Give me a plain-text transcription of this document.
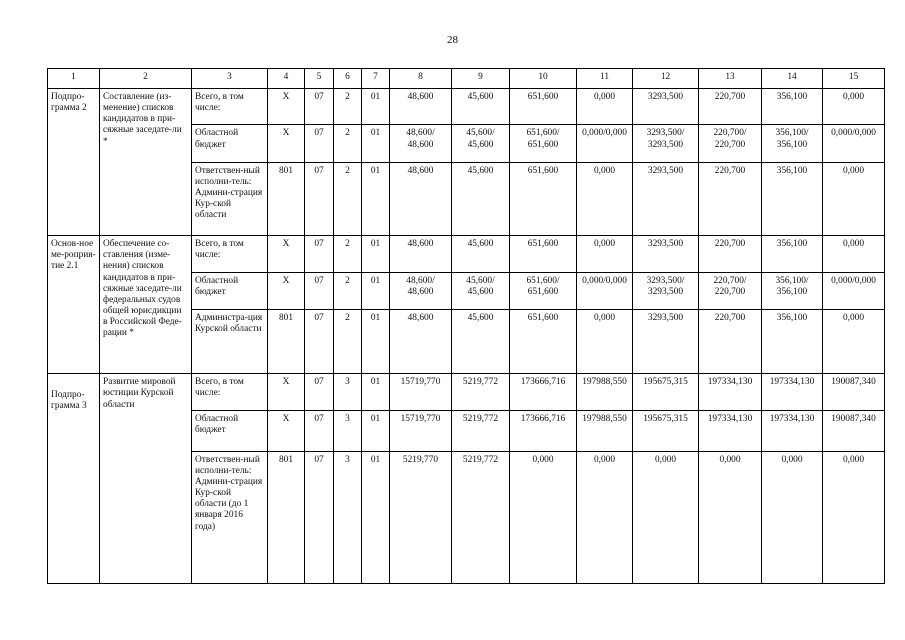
28
1	2	3	4	5	6	7	8	9	10	11	12	13	14	15
Подпро-грамма 2	Составление (из-менение) списков кандидатов в при-сяжные заседате-ли *	Всего, в том числе:	X	07	2	01	48,600	45,600	651,600	0,000	3293,500	220,700	356,100	0,000
		Областной бюджет	X	07	2	01	48,600/ 48,600	45,600/ 45,600	651,600/ 651,600	0,000/0,000	3293,500/ 3293,500	220,700/ 220,700	356,100/ 356,100	0,000/0,000
		Ответствен-ный исполни-тель: Админи-страция Кур-ской области	801	07	2	01	48,600	45,600	651,600	0,000	3293,500	220,700	356,100	0,000
Основ-ное ме-роприя-тие 2.1	Обеспечение со-ставления (изме-нения) списков кандидатов в при-сяжные заседате-ли федеральных судов общей юрисдикции в Российской Феде-рации *	Всего, в том числе:	X	07	2	01	48,600	45,600	651,600	0,000	3293,500	220,700	356,100	0,000
		Областной бюджет	X	07	2	01	48,600/ 48,600	45,600/ 45,600	651,600/ 651,600	0,000/0,000	3293,500/ 3293,500	220,700/ 220,700	356,100/ 356,100	0,000/0,000
		Администра-ция Курской области	801	07	2	01	48,600	45,600	651,600	0,000	3293,500	220,700	356,100	0,000
Подпро-грамма 3	Развитие мировой юстиции Курской области	Всего, в том числе:	X	07	3	01	15719,770	5219,772	173666,716	197988,550	195675,315	197334,130	197334,130	190087,340
		Областной бюджет	X	07	3	01	15719,770	5219,772	173666,716	197988,550	195675,315	197334,130	197334,130	190087,340
		Ответствен-ный исполни-тель: Админи-страция Кур-ской области (до 1 января 2016 года)	801	07	3	01	5219,770	5219,772	0,000	0,000	0,000	0,000	0,000	0,000
